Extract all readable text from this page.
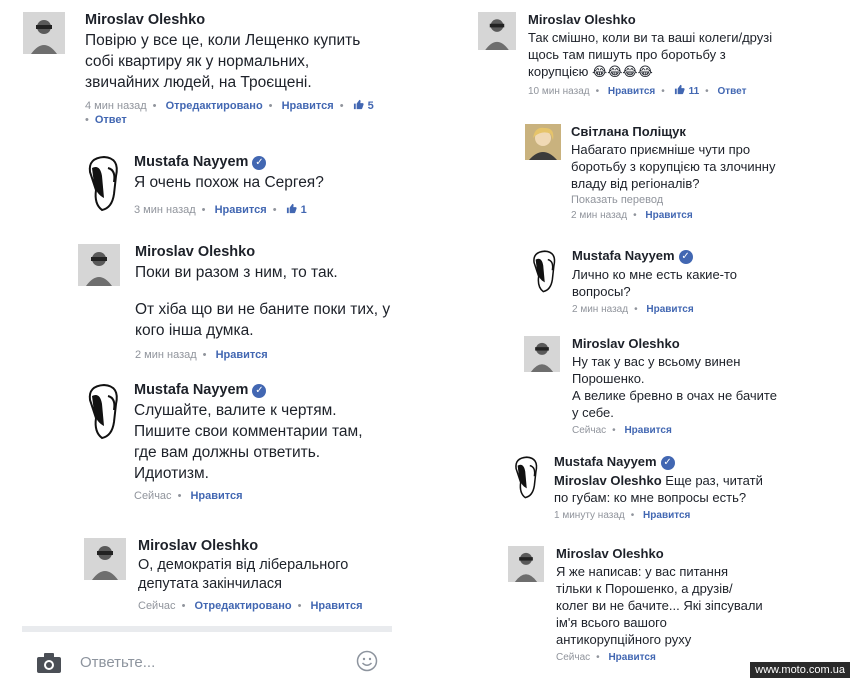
Miroslav Oleshko
Повірю у все це, коли Лещенко купить
собі квартиру як у нормальних,
звичайних людей, на Троєщені.
4 мин назад • Отредактировано • Нравится • 5
• Ответ
Mustafa Nayyem ✓
Я очень похож на Сергея?
3 мин назад • Нравится • 1
Miroslav Oleshko
Поки ви разом з ним, то так.
От хіба що ви не баните поки тих, у
кого інша думка.
2 мин назад • Нравится
Mustafa Nayyem ✓
Слушайте, валите к чертям.
Пишите свои комментарии там,
где вам должны ответить.
Идиотизм.
Сейчас • Нравится
Miroslav Oleshko
О, демократія від ліберального
депутата закінчилася
Сейчас • Отредактировано • Нравится
Ответьте...
Miroslav Oleshko
Так смішно, коли ви та ваші колеги/друзі
щось там пишуть про боротьбу з
корупцією 😂😂😂😂
10 мин назад • Нравится • 11 • Ответ
Світлана Поліщук
Набагато приємніше чути про
боротьбу з корупцією та злочинну
владу від регіоналів?
Показать перевод
2 мин назад • Нравится
Mustafa Nayyem ✓
Лично ко мне есть какие-то
вопросы?
2 мин назад • Нравится
Miroslav Oleshko
Ну так у вас у всьому винен
Порошенко.
А велике бревно в очах не бачите
у себе.
Сейчас • Нравится
Mustafa Nayyem ✓
Miroslav Oleshko Еще раз, читатй
по губам: ко мне вопросы есть?
1 минуту назад • Нравится
Miroslav Oleshko
Я же написав: у вас питання
тільки к Порошенко, а друзів/
колег ви не бачите... Які зіпсували
ім'я всього вашого
антикорупційного руху
Сейчас • Нравится
www.moto.com.ua
